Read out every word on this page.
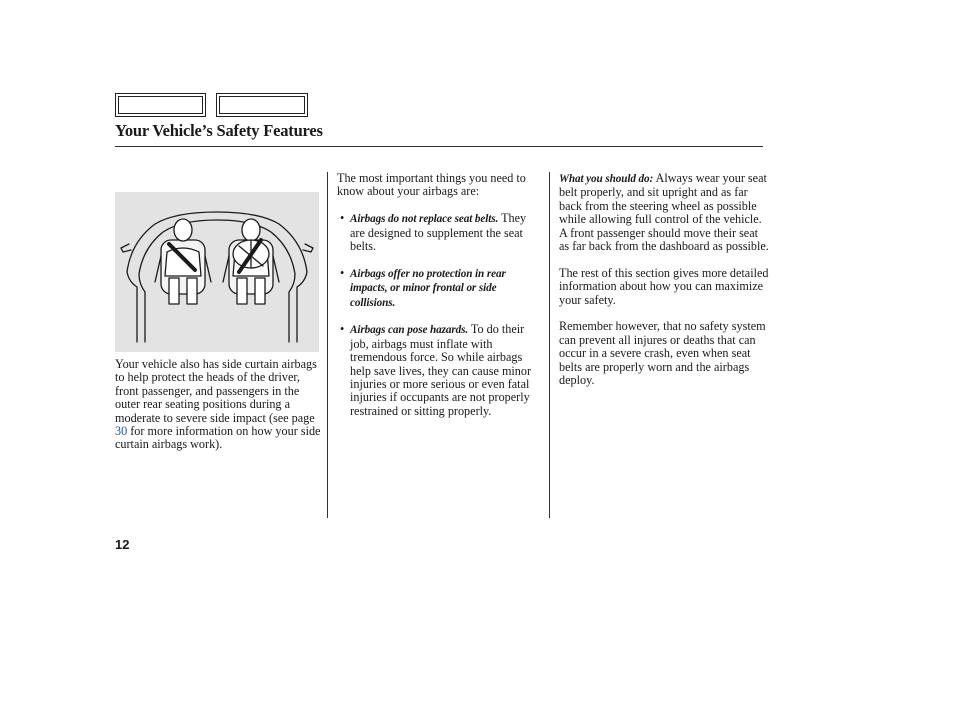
Your Vehicle’s Safety Features

Your vehicle also has side curtain airbags to help protect the heads of the driver, front passenger, and passengers in the outer rear seating positions during a moderate to severe side impact (see page 30 for more information on how your side curtain airbags work).

The most important things you need to know about your airbags are:

• Airbags do not replace seat belts. They are designed to supplement the seat belts.

• Airbags offer no protection in rear impacts, or minor frontal or side collisions.

• Airbags can pose hazards. To do their job, airbags must inflate with tremendous force. So while airbags help save lives, they can cause minor injuries or more serious or even fatal injuries if occupants are not properly restrained or sitting properly.

What you should do: Always wear your seat belt properly, and sit upright and as far back from the steering wheel as possible while allowing full control of the vehicle. A front passenger should move their seat as far back from the dashboard as possible.

The rest of this section gives more detailed information about how you can maximize your safety.

Remember however, that no safety system can prevent all injures or deaths that can occur in a severe crash, even when seat belts are properly worn and the airbags deploy.

12
